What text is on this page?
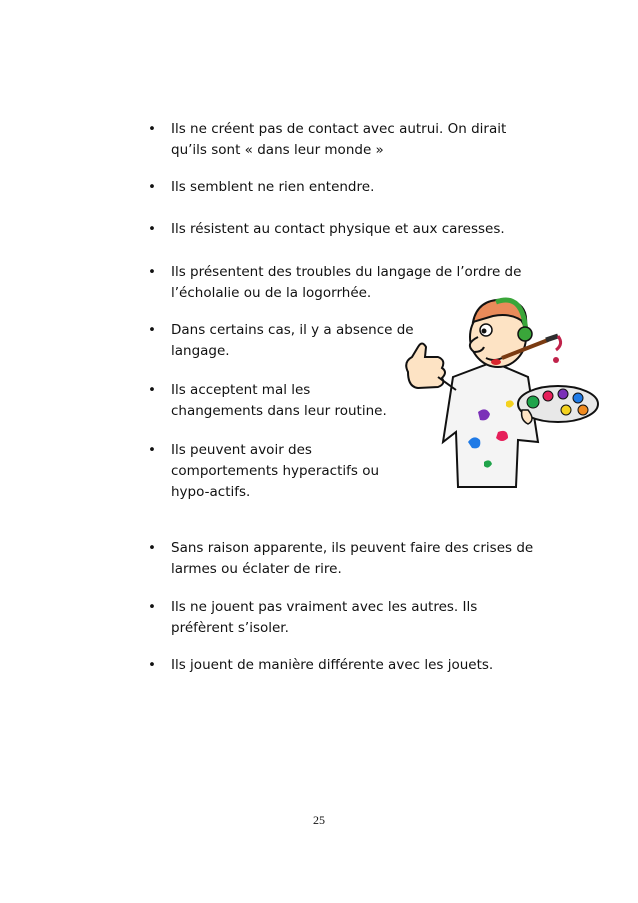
• Ils ne créent pas de contact avec autrui. On dirait
qu’ils sont « dans leur monde »
• Ils semblent ne rien entendre.
• Ils résistent au contact physique et aux caresses.
• Ils présentent des troubles du langage de l’ordre de
l’écholalie ou de la logorrhée.
• Dans certains cas, il y a absence de
langage.
• Ils acceptent mal les
changements dans leur routine.
• Ils peuvent avoir des
comportements hyperactifs ou
hypo-actifs.
• Sans raison apparente, ils peuvent faire des crises de
larmes ou éclater de rire.
• Ils ne jouent pas vraiment avec les autres. Ils
préfèrent s’isoler.
• Ils jouent de manière différente avec les jouets.
25
